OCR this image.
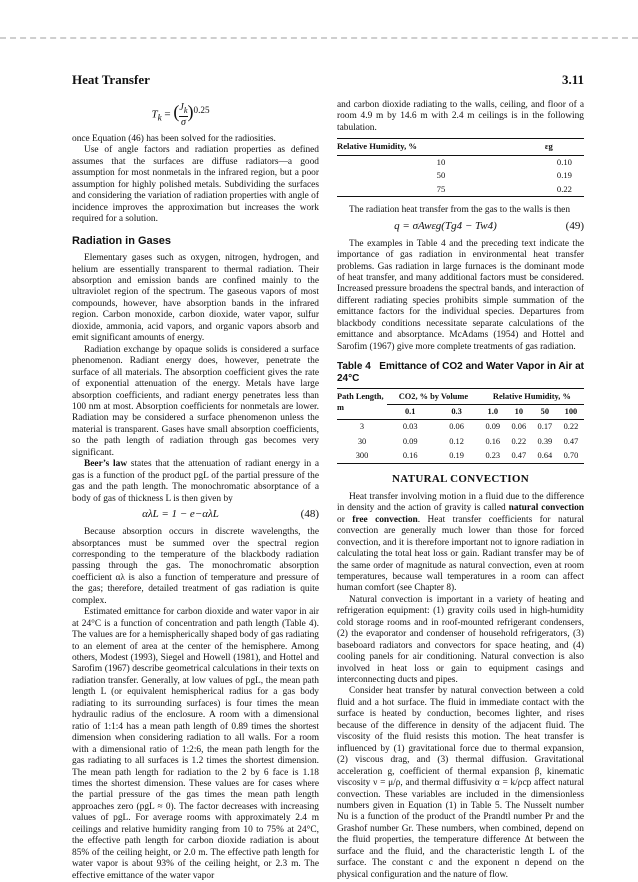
Heat Transfer	3.11
$T_k$ = ( $\frac{J_k}{\sigma} )^{0.25}$

once Equation (46) has been solved for the radiosities.

Use of angle factors and radiation properties as defined assumes that the surfaces are diffuse radiators—a good assumption for most nonmetals in the infrared region, but a poor assumption for highly polished metals. Subdividing the surfaces and considering the variation of radiation properties with angle of incidence improves the approximation but increases the work required for a solution.

Radiation in Gases

Elementary gases such as oxygen, nitrogen, hydrogen, and helium are essentially transparent to thermal radiation. Their absorption and emission bands are confined mainly to the ultraviolet region of the spectrum. The gaseous vapors of most compounds, however, have absorption bands in the infrared region. Carbon monoxide, carbon dioxide, water vapor, sulfur dioxide, ammonia, acid vapors, and organic vapors absorb and emit significant amounts of energy.

Radiation exchange by opaque solids is considered a surface phenomenon. Radiant energy does, however, penetrate the surface of all materials. The absorption coefficient gives the rate of exponential attenuation of the energy. Metals have large absorption coefficients, and radiant energy penetrates less than 100 nm at most. Absorption coefficients for nonmetals are lower. Radiation may be considered a surface phenomenon unless the material is transparent. Gases have small absorption coefficients, so the path length of radiation through gas becomes very significant.

Beer’s law states that the attenuation of radiant energy in a gas is a function of the product pgL of the partial pressure of the gas and the path length. The monochromatic absorptance of a body of gas of thickness L is then given by

αλL = 1 − e−αλL	(48)

Because absorption occurs in discrete wavelengths, the absorptances must be summed over the spectral region corresponding to the temperature of the blackbody radiation passing through the gas. The monochromatic absorption coefficient αλ is also a function of temperature and pressure of the gas; therefore, detailed treatment of gas radiation is quite complex.

Estimated emittance for carbon dioxide and water vapor in air at 24°C is a function of concentration and path length (Table 4). The values are for a hemispherically shaped body of gas radiating to an element of area at the center of the hemisphere. Among others, Modest (1993), Siegel and Howell (1981), and Hottel and Sarofim (1967) describe geometrical calculations in their texts on radiation transfer. Generally, at low values of pgL, the mean path length L (or equivalent hemispherical radius for a gas body radiating to its surrounding surfaces) is four times the mean hydraulic radius of the enclosure. A room with a dimensional ratio of 1:1:4 has a mean path length of 0.89 times the shortest dimension when considering radiation to all walls. For a room with a dimensional ratio of 1:2:6, the mean path length for the gas radiating to all surfaces is 1.2 times the shortest dimension. The mean path length for radiation to the 2 by 6 face is 1.18 times the shortest dimension. These values are for cases where the partial pressure of the gas times the mean path length approaches zero (pgL ≈ 0). The factor decreases with increasing values of pgL. For average rooms with approximately 2.4 m ceilings and relative humidity ranging from 10 to 75% at 24°C, the effective path length for carbon dioxide radiation is about 85% of the ceiling height, or 2.0 m. The effective path length for water vapor is about 93% of the ceiling height, or 2.3 m. The effective emittance of the water vapor

and carbon dioxide radiating to the walls, ceiling, and floor of a room 4.9 m by 14.6 m with 2.4 m ceilings is in the following tabulation.

Relative Humidity, %	εg
10	0.10
50	0.19
75	0.22

The radiation heat transfer from the gas to the walls is then

q = σAwεg(Tg4 − Tw4)	(49)

The examples in Table 4 and the preceding text indicate the importance of gas radiation in environmental heat transfer problems. Gas radiation in large furnaces is the dominant mode of heat transfer, and many additional factors must be considered. Increased pressure broadens the spectral bands, and interaction of different radiating species prohibits simple summation of the emittance factors for the individual species. Departures from blackbody conditions necessitate separate calculations of the emittance and absorptance. McAdams (1954) and Hottel and Sarofim (1967) give more complete treatments of gas radiation.

Table 4 Emittance of CO2 and Water Vapor in Air at 24°C
Path Length, m	CO2, % by Volume		Relative Humidity, %			
	0.1	0.3	1.0	10	50	100
3	0.03	0.06	0.09	0.06	0.17	0.22
30	0.09	0.12	0.16	0.22	0.39	0.47
300	0.16	0.19	0.23	0.47	0.64	0.70
NATURAL CONVECTION

Heat transfer involving motion in a fluid due to the difference in density and the action of gravity is called natural convection or free convection. Heat transfer coefficients for natural convection are generally much lower than those for forced convection, and it is therefore important not to ignore radiation in calculating the total heat loss or gain. Radiant transfer may be of the same order of magnitude as natural convection, even at room temperatures, because wall temperatures in a room can affect human comfort (see Chapter 8).

Natural convection is important in a variety of heating and refrigeration equipment: (1) gravity coils used in high-humidity cold storage rooms and in roof-mounted refrigerant condensers, (2) the evaporator and condenser of household refrigerators, (3) baseboard radiators and convectors for space heating, and (4) cooling panels for air conditioning. Natural convection is also involved in heat loss or gain to equipment casings and interconnecting ducts and pipes.

Consider heat transfer by natural convection between a cold fluid and a hot surface. The fluid in immediate contact with the surface is heated by conduction, becomes lighter, and rises because of the difference in density of the adjacent fluid. The viscosity of the fluid resists this motion. The heat transfer is influenced by (1) gravitational force due to thermal expansion, (2) viscous drag, and (3) thermal diffusion. Gravitational acceleration g, coefficient of thermal expansion β, kinematic viscosity ν = μ/ρ, and thermal diffusivity α = k/ρcp affect natural convection. These variables are included in the dimensionless numbers given in Equation (1) in Table 5. The Nusselt number Nu is a function of the product of the Prandtl number Pr and the Grashof number Gr. These numbers, when combined, depend on the fluid properties, the temperature difference Δt between the surface and the fluid, and the characteristic length L of the surface. The constant c and the exponent n depend on the physical configuration and the nature of flow.
